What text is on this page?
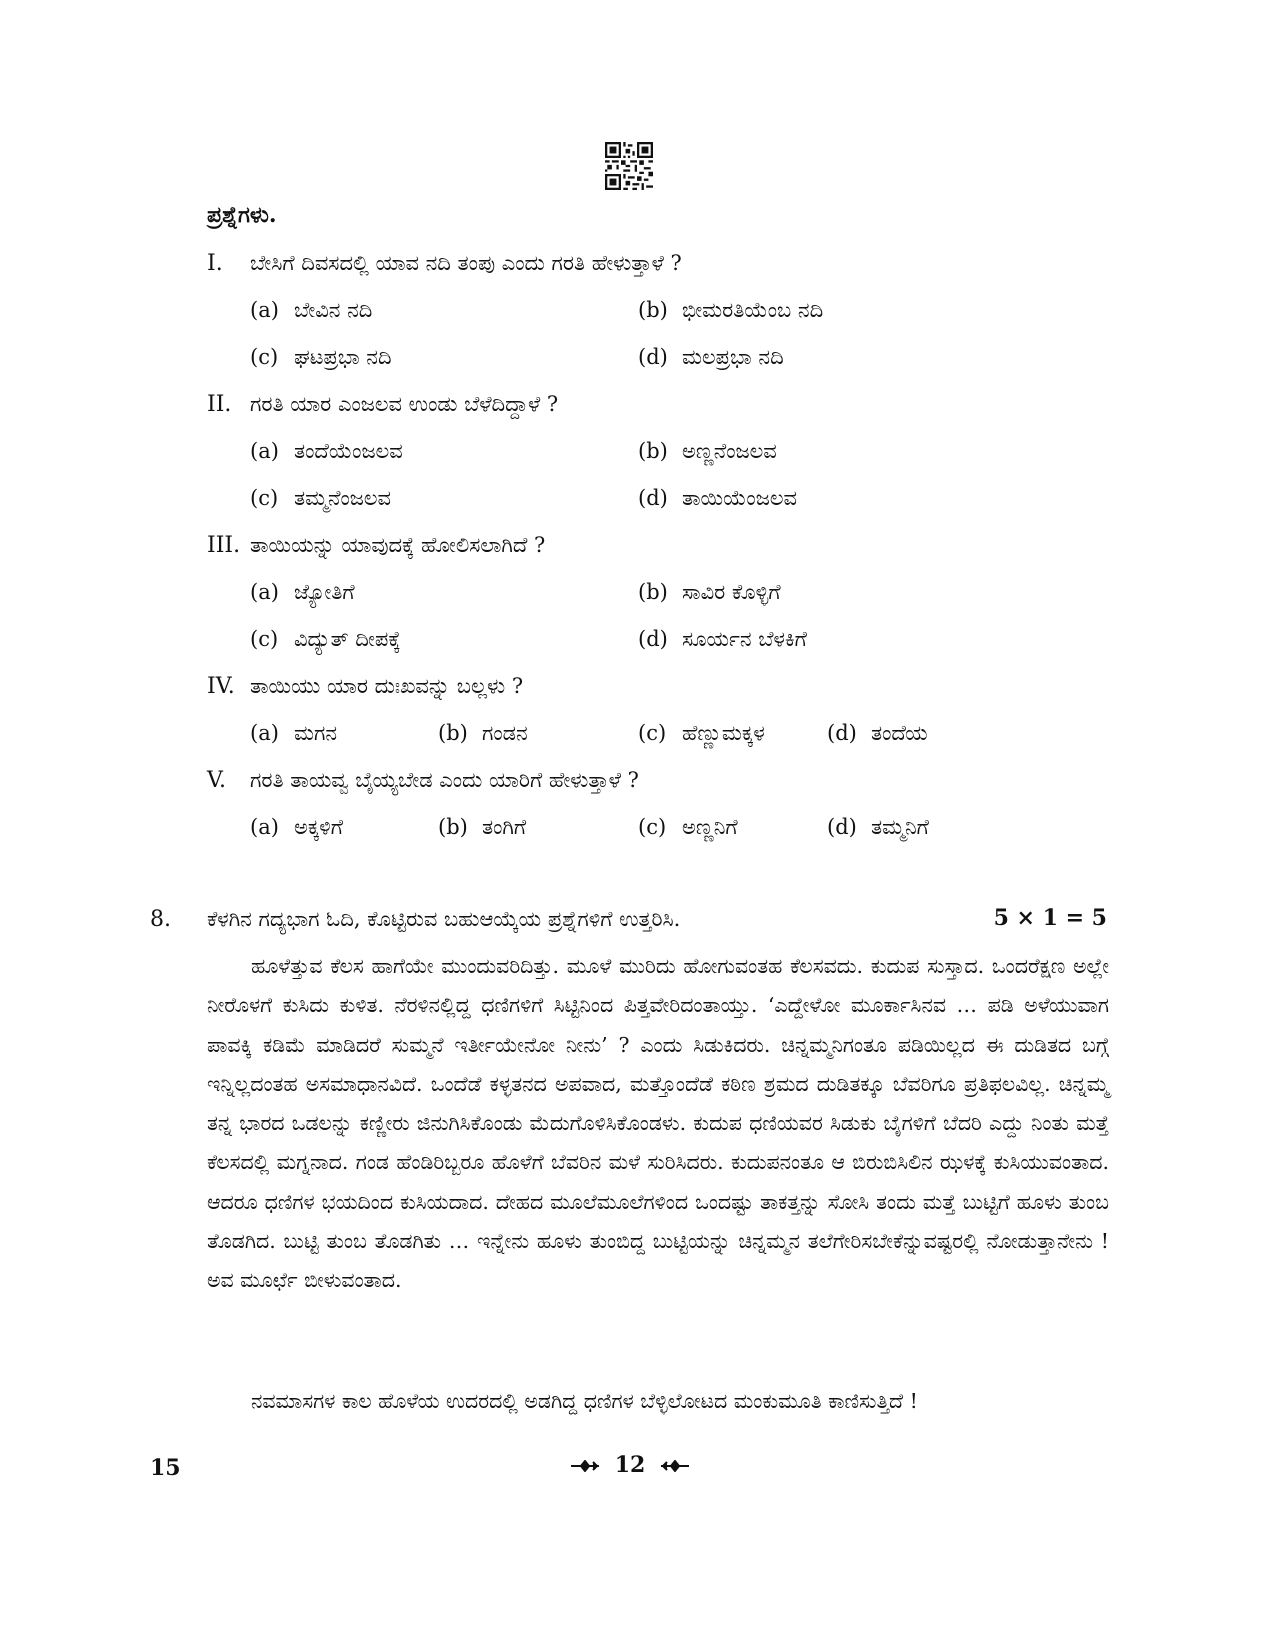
ಪ್ರಶ್ನೆಗಳು.
I. ಬೇಸಿಗೆ ದಿವಸದಲ್ಲಿ ಯಾವ ನದಿ ತಂಪು ಎಂದು ಗರತಿ ಹೇಳುತ್ತಾಳೆ ?
(a) ಬೇವಿನ ನದಿ	(b) ಭೀಮರತಿಯೆಂಬ ನದಿ
(c) ಘಟಪ್ರಭಾ ನದಿ	(d) ಮಲಪ್ರಭಾ ನದಿ
II. ಗರತಿ ಯಾರ ಎಂಜಲವ ಉಂಡು ಬೆಳೆದಿದ್ದಾಳೆ ?
(a) ತಂದೆಯೆಂಜಲವ	(b) ಅಣ್ಣನೆಂಜಲವ
(c) ತಮ್ಮನೆಂಜಲವ	(d) ತಾಯಿಯೆಂಜಲವ
III. ತಾಯಿಯನ್ನು ಯಾವುದಕ್ಕೆ ಹೋಲಿಸಲಾಗಿದೆ ?
(a) ಜ್ಯೋತಿಗೆ	(b) ಸಾವಿರ ಕೊಳ್ಳಿಗೆ
(c) ವಿದ್ಯುತ್ ದೀಪಕ್ಕೆ	(d) ಸೂರ್ಯನ ಬೆಳಕಿಗೆ
IV. ತಾಯಿಯು ಯಾರ ದುಃಖವನ್ನು ಬಲ್ಲಳು ?
(a) ಮಗನ	(b) ಗಂಡನ	(c) ಹೆಣ್ಣುಮಕ್ಕಳ	(d) ತಂದೆಯ
V. ಗರತಿ ತಾಯವ್ವ ಬೈಯ್ಯಬೇಡ ಎಂದು ಯಾರಿಗೆ ಹೇಳುತ್ತಾಳೆ ?
(a) ಅಕ್ಕಳಿಗೆ	(b) ತಂಗಿಗೆ	(c) ಅಣ್ಣನಿಗೆ	(d) ತಮ್ಮನಿಗೆ
8. ಕೆಳಗಿನ ಗದ್ಯಭಾಗ ಓದಿ, ಕೊಟ್ಟಿರುವ ಬಹುಆಯ್ಕೆಯ ಪ್ರಶ್ನೆಗಳಿಗೆ ಉತ್ತರಿಸಿ.	5 × 1 = 5

ಹೂಳೆತ್ತುವ ಕೆಲಸ ಹಾಗೆಯೇ ಮುಂದುವರಿದಿತ್ತು. ಮೂಳೆ ಮುರಿದು ಹೋಗುವಂತಹ ಕೆಲಸವದು. ಕುದುಪ ಸುಸ್ತಾದ. ಒಂದರೆಕ್ಷಣ ಅಲ್ಲೇ ನೀರೊಳಗೆ ಕುಸಿದು ಕುಳಿತ. ನೆರಳಿನಲ್ಲಿದ್ದ ಧಣಿಗಳಿಗೆ ಸಿಟ್ಟಿನಿಂದ ಪಿತ್ತವೇರಿದಂತಾಯ್ತು. ‘ಎದ್ದೇಳೋ ಮೂರ್ಕಾಸಿನವ … ಪಡಿ ಅಳೆಯುವಾಗ ಪಾವಕ್ಕಿ ಕಡಿಮೆ ಮಾಡಿದರೆ ಸುಮ್ಮನೆ ಇರ್ತೀಯೇನೋ ನೀನು’ ? ಎಂದು ಸಿಡುಕಿದರು. ಚಿನ್ನಮ್ಮನಿಗಂತೂ ಪಡಿಯಿಲ್ಲದ ಈ ದುಡಿತದ ಬಗ್ಗೆ ಇನ್ನಿಲ್ಲದಂತಹ ಅಸಮಾಧಾನವಿದೆ. ಒಂದೆಡೆ ಕಳ್ಳತನದ ಅಪವಾದ, ಮತ್ತೊಂದೆಡೆ ಕಠಿಣ ಶ್ರಮದ ದುಡಿತಕ್ಕೂ ಬೆವರಿಗೂ ಪ್ರತಿಫಲವಿಲ್ಲ. ಚಿನ್ನಮ್ಮ ತನ್ನ ಭಾರದ ಒಡಲನ್ನು ಕಣ್ಣೀರು ಜಿನುಗಿಸಿಕೊಂಡು ಮೆದುಗೊಳಿಸಿಕೊಂಡಳು. ಕುದುಪ ಧಣಿಯವರ ಸಿಡುಕು ಬೈಗಳಿಗೆ ಬೆದರಿ ಎದ್ದು ನಿಂತು ಮತ್ತೆ ಕೆಲಸದಲ್ಲಿ ಮಗ್ನನಾದ. ಗಂಡ ಹೆಂಡಿರಿಬ್ಬರೂ ಹೊಳೆಗೆ ಬೆವರಿನ ಮಳೆ ಸುರಿಸಿದರು. ಕುದುಪನಂತೂ ಆ ಬಿರುಬಿಸಿಲಿನ ಝಳಕ್ಕೆ ಕುಸಿಯುವಂತಾದ. ಆದರೂ ಧಣಿಗಳ ಭಯದಿಂದ ಕುಸಿಯದಾದ. ದೇಹದ ಮೂಲೆಮೂಲೆಗಳಿಂದ ಒಂದಷ್ಟು ತಾಕತ್ತನ್ನು ಸೋಸಿ ತಂದು ಮತ್ತೆ ಬುಟ್ಟಿಗೆ ಹೂಳು ತುಂಬ ತೊಡಗಿದ. ಬುಟ್ಟಿ ತುಂಬ ತೊಡಗಿತು … ಇನ್ನೇನು ಹೂಳು ತುಂಬಿದ್ದ ಬುಟ್ಟಿಯನ್ನು ಚಿನ್ನಮ್ಮನ ತಲೆಗೇರಿಸಬೇಕೆನ್ನುವಷ್ಟರಲ್ಲಿ ನೋಡುತ್ತಾನೇನು ! ಅವ ಮೂರ್ಛೆ ಬೀಳುವಂತಾದ.

ನವಮಾಸಗಳ ಕಾಲ ಹೊಳೆಯ ಉದರದಲ್ಲಿ ಅಡಗಿದ್ದ ಧಣಿಗಳ ಬೆಳ್ಳಿಲೋಟದ ಮಂಕುಮೂತಿ ಕಾಣಿಸುತ್ತಿದೆ !
15	12
